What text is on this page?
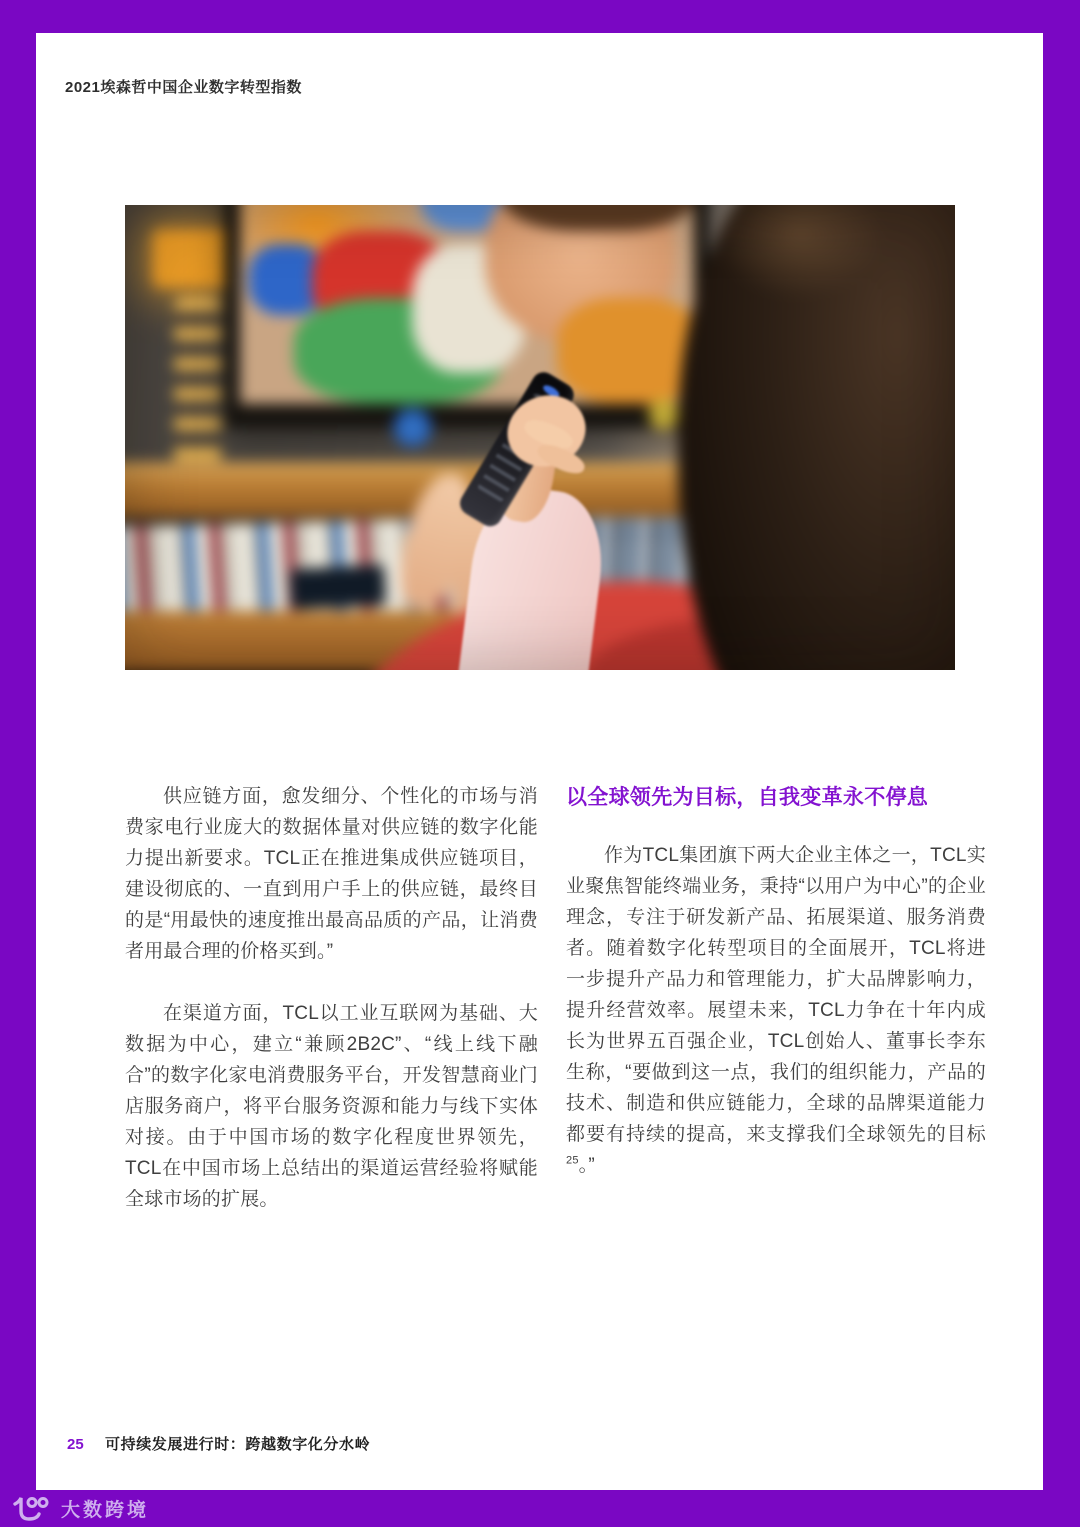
2021埃森哲中国企业数字转型指数

供应链方面，愈发细分、个性化的市场与消费家电行业庞大的数据体量对供应链的数字化能力提出新要求。TCL正在推进集成供应链项目，建设彻底的、一直到用户手上的供应链，最终目的是“用最快的速度推出最高品质的产品，让消费者用最合理的价格买到。”

在渠道方面，TCL以工业互联网为基础、大数据为中心，建立“兼顾2B2C”、“线上线下融合”的数字化家电消费服务平台，开发智慧商业门店服务商户，将平台服务资源和能力与线下实体对接。由于中国市场的数字化程度世界领先，TCL在中国市场上总结出的渠道运营经验将赋能全球市场的扩展。

以全球领先为目标，自我变革永不停息

作为TCL集团旗下两大企业主体之一，TCL实业聚焦智能终端业务，秉持“以用户为中心”的企业理念，专注于研发新产品、拓展渠道、服务消费者。随着数字化转型项目的全面展开，TCL将进一步提升产品力和管理能力，扩大品牌影响力，提升经营效率。展望未来，TCL力争在十年内成长为世界五百强企业，TCL创始人、董事长李东生称，“要做到这一点，我们的组织能力，产品的技术、制造和供应链能力，全球的品牌渠道能力都要有持续的提高，来支撑我们全球领先的目标$^{25}$。”

25	可持续发展进行时：跨越数字化分水岭
大数跨境
